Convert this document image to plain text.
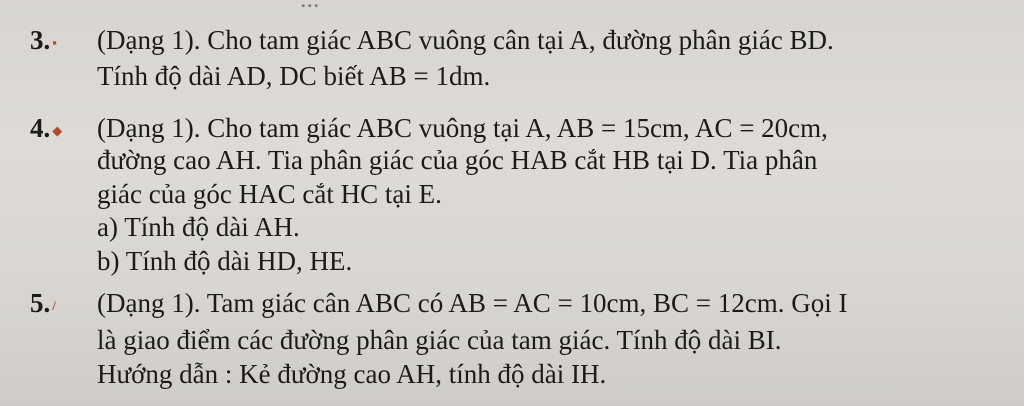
3. ▪ (Dạng 1). Cho tam giác ABC vuông cân tại A, đường phân giác BD.
Tính độ dài AD, DC biết AB = 1dm.
4. ◆ (Dạng 1). Cho tam giác ABC vuông tại A, AB = 15cm, AC = 20cm,
đường cao AH. Tia phân giác của góc HAB cắt HB tại D. Tia phân
giác của góc HAC cắt HC tại E.
a) Tính độ dài AH.
b) Tính độ dài HD, HE.
5. / (Dạng 1). Tam giác cân ABC có AB = AC = 10cm, BC = 12cm. Gọi I
là giao điểm các đường phân giác của tam giác. Tính độ dài BI.
Hướng dẫn : Kẻ đường cao AH, tính độ dài IH.
